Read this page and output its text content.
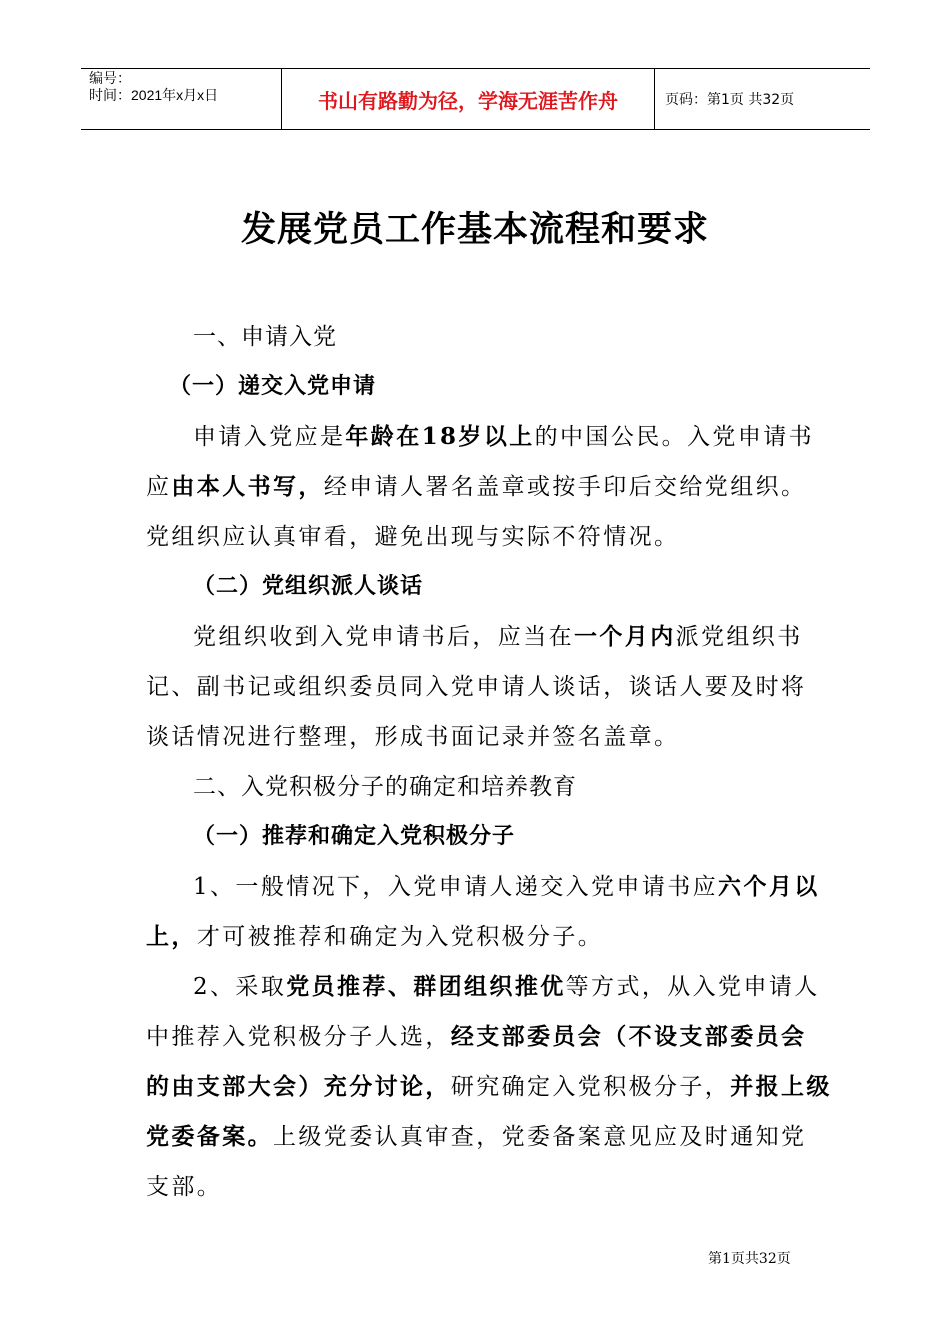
编号：
时间：2021年x月x日	书山有路勤为径，学海无涯苦作舟	页码：第1页 共32页
发展党员工作基本流程和要求
一、申请入党
（一）递交入党申请
申请入党应是年龄在18岁以上的中国公民。入党申请书
应由本人书写，经申请人署名盖章或按手印后交给党组织。
党组织应认真审看，避免出现与实际不符情况。
（二）党组织派人谈话
党组织收到入党申请书后，应当在一个月内派党组织书
记、副书记或组织委员同入党申请人谈话，谈话人要及时将
谈话情况进行整理，形成书面记录并签名盖章。
二、入党积极分子的确定和培养教育
（一）推荐和确定入党积极分子
1、一般情况下，入党申请人递交入党申请书应六个月以
上，才可被推荐和确定为入党积极分子。
2、采取党员推荐、群团组织推优等方式，从入党申请人
中推荐入党积极分子人选，经支部委员会（不设支部委员会
的由支部大会）充分讨论，研究确定入党积极分子，并报上级
党委备案。上级党委认真审查，党委备案意见应及时通知党
支部。
第1页共32页
